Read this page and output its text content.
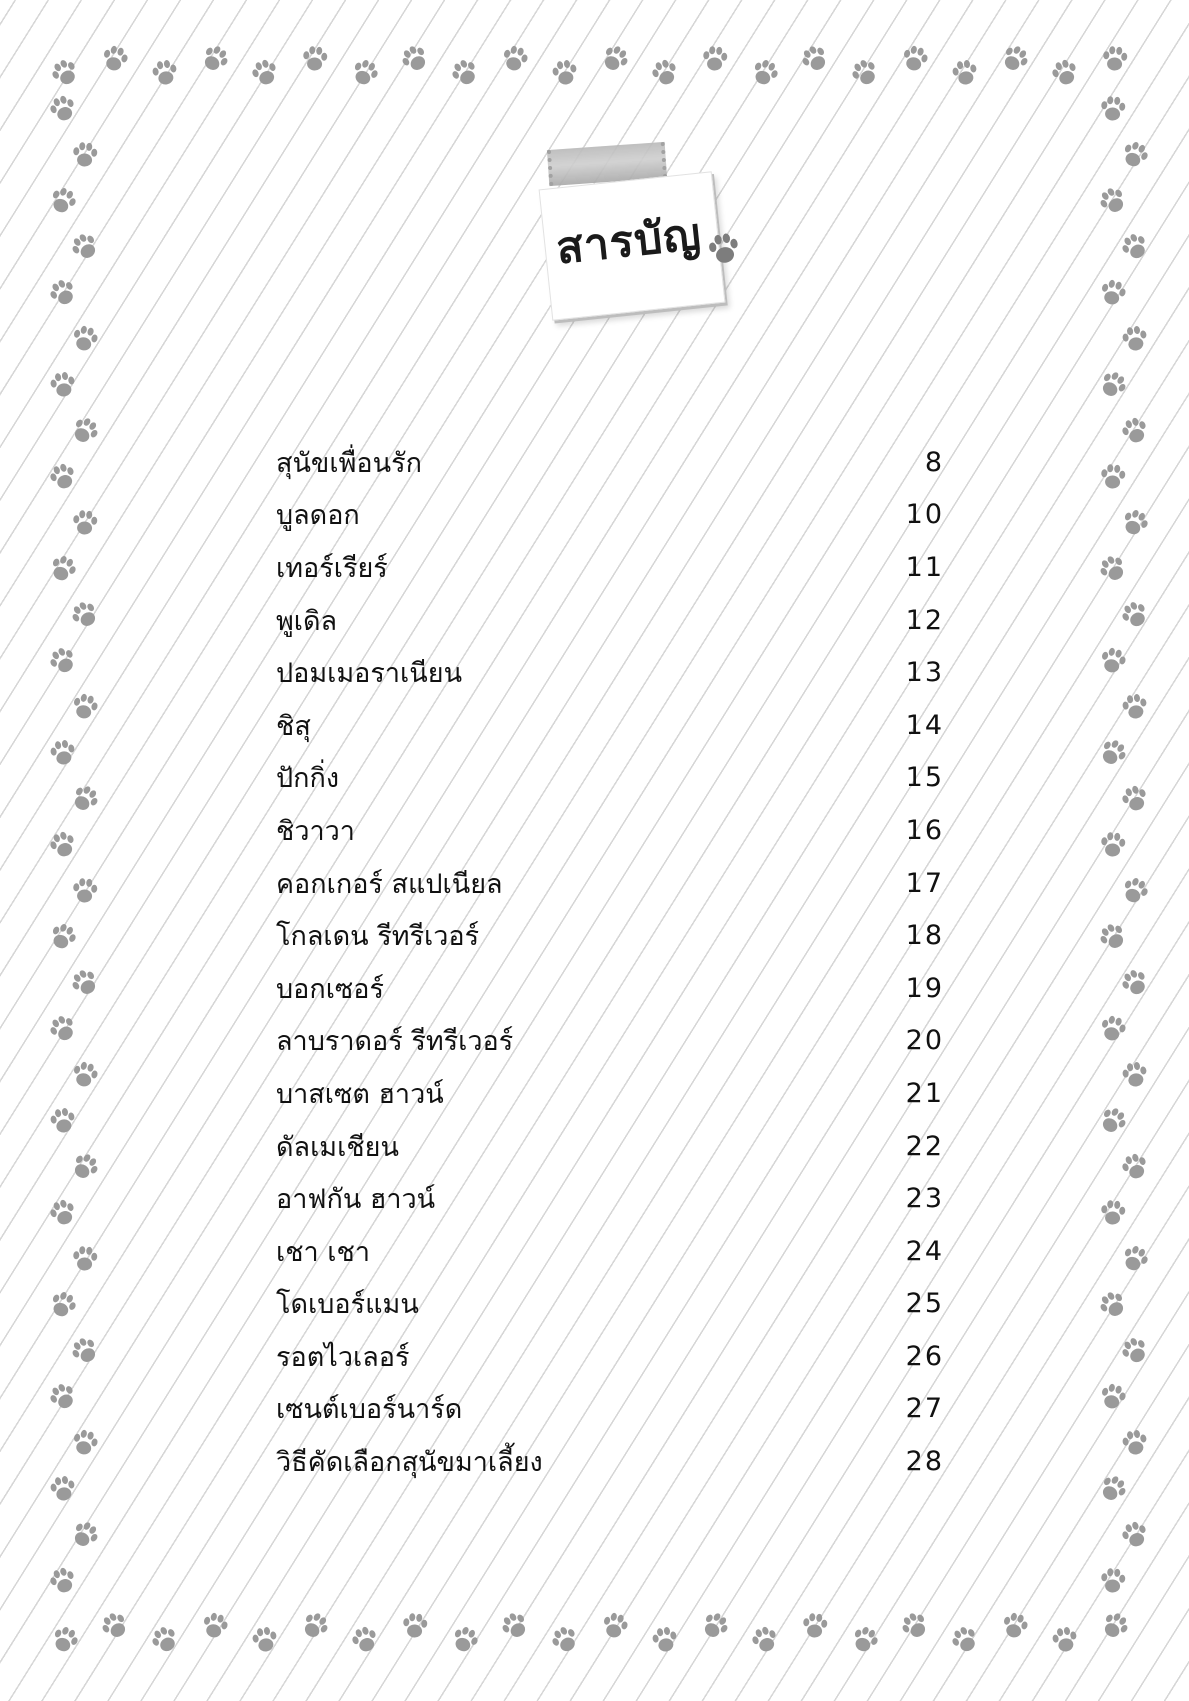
สารบัญ
สุนัขเพื่อนรัก	8
บูลดอก	10
เทอร์เรียร์	11
พูเดิล	12
ปอมเมอราเนียน	13
ชิสุ	14
ปักกิ่ง	15
ชิวาวา	16
คอกเกอร์ สแปเนียล	17
โกลเดน รีทรีเวอร์	18
บอกเซอร์	19
ลาบราดอร์ รีทรีเวอร์	20
บาสเซต ฮาวน์	21
ดัลเมเชียน	22
อาฟกัน ฮาวน์	23
เชา เชา	24
โดเบอร์แมน	25
รอตไวเลอร์	26
เซนต์เบอร์นาร์ด	27
วิธีคัดเลือกสุนัขมาเลี้ยง	28
